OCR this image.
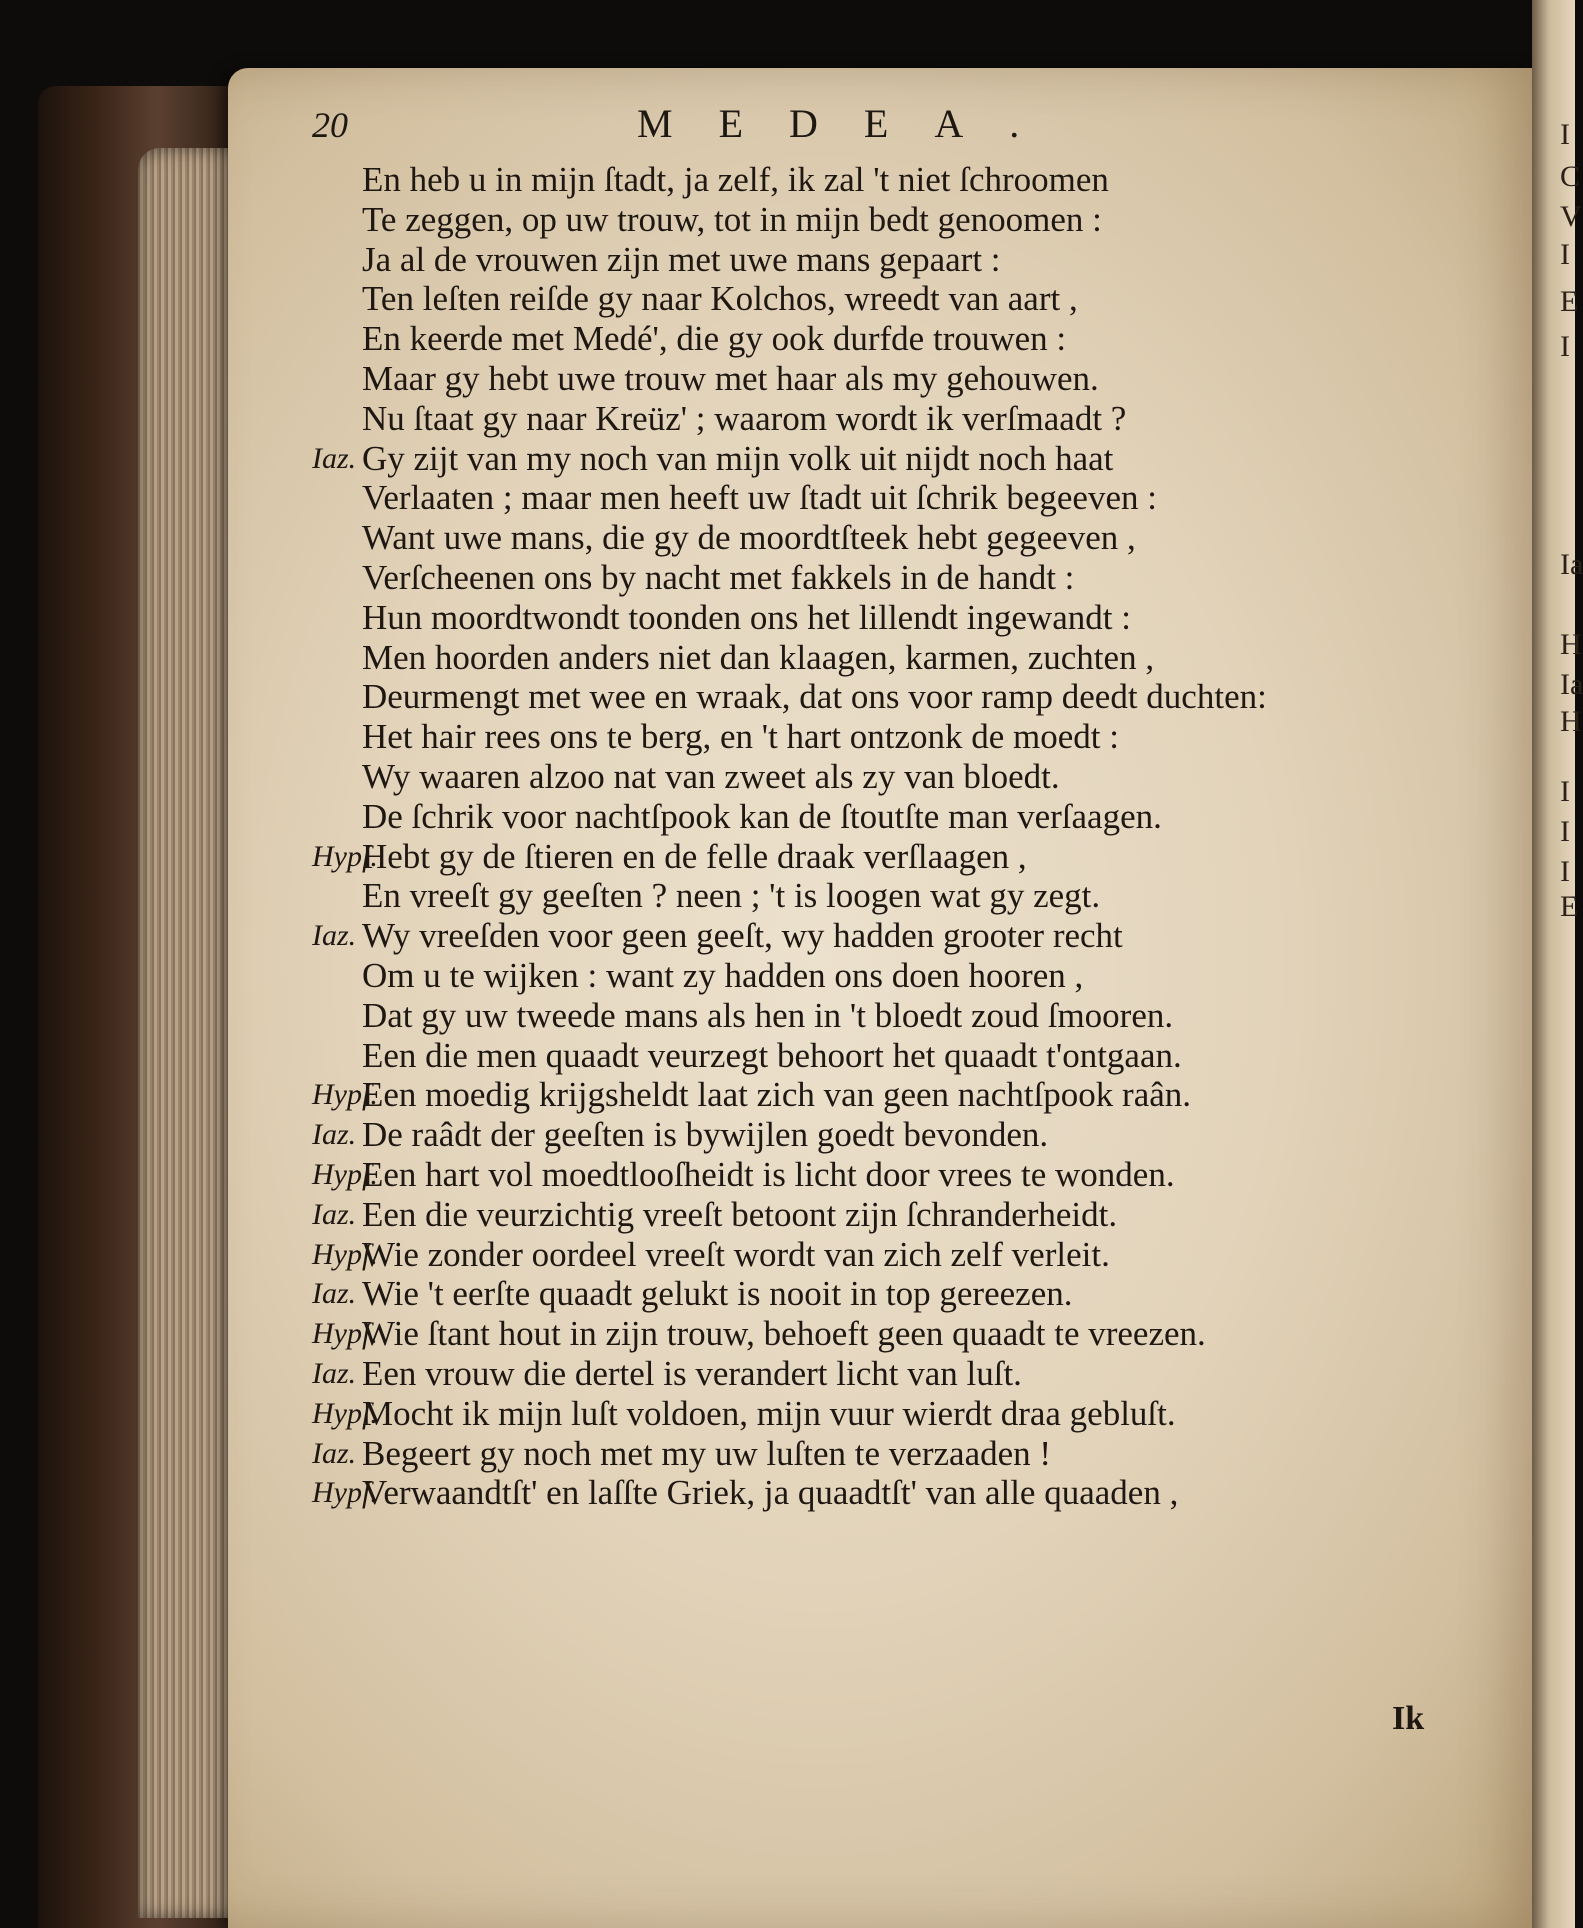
I
C
V
I
E
I
Ia
H
Ia
H
I
I
I
E
20	MEDEA.
En heb u in mijn ſtadt, ja zelf, ik zal 't niet ſchroomen
Te zeggen, op uw trouw, tot in mijn bedt genoomen :
Ja al de vrouwen zijn met uwe mans gepaart :
Ten leſten reiſde gy naar Kolchos, wreedt van aart ,
En keerde met Medé', die gy ook durfde trouwen :
Maar gy hebt uwe trouw met haar als my gehouwen.
Nu ſtaat gy naar Kreüz' ; waarom wordt ik verſmaadt ?
Iaz. Gy zijt van my noch van mijn volk uit nijdt noch haat
Verlaaten ; maar men heeft uw ſtadt uit ſchrik begeeven :
Want uwe mans, die gy de moordtſteek hebt gegeeven ,
Verſcheenen ons by nacht met fakkels in de handt :
Hun moordtwondt toonden ons het lillendt ingewandt :
Men hoorden anders niet dan klaagen, karmen, zuchten ,
Deurmengt met wee en wraak, dat ons voor ramp deedt duchten:
Het hair rees ons te berg, en 't hart ontzonk de moedt :
Wy waaren alzoo nat van zweet als zy van bloedt.
De ſchrik voor nachtſpook kan de ſtoutſte man verſaagen.
Hypſ.
Hebt gy de ſtieren en de felle draak verſlaagen ,
En vreeſt gy geeſten ? neen ; 't is loogen wat gy zegt.
Iaz. Wy vreeſden voor geen geeſt, wy hadden grooter recht
Om u te wijken : want zy hadden ons doen hooren ,
Dat gy uw tweede mans als hen in 't bloedt zoud ſmooren.
Een die men quaadt veurzegt behoort het quaadt t'ontgaan.
Hypſ.
Een moedig krijgsheldt laat zich van geen nachtſpook raân.
Iaz. De raâdt der geeſten is bywijlen goedt bevonden.
Hypſ.
Een hart vol moedtlooſheidt is licht door vrees te wonden.
Iaz. Een die veurzichtig vreeſt betoont zijn ſchranderheidt.
Hypſ.
Wie zonder oordeel vreeſt wordt van zich zelf verleit.
Iaz. Wie 't eerſte quaadt gelukt is nooit in top gereezen.
Hypſ.
Wie ſtant hout in zijn trouw, behoeft geen quaadt te vreezen.
Iaz. Een vrouw die dertel is verandert licht van luſt.
Hypſ.
Mocht ik mijn luſt voldoen, mijn vuur wierdt draa gebluſt.
Iaz. Begeert gy noch met my uw luſten te verzaaden !
Hypſ.
Verwaandtſt' en laſſte Griek, ja quaadtſt' van alle quaaden ,
Ik
